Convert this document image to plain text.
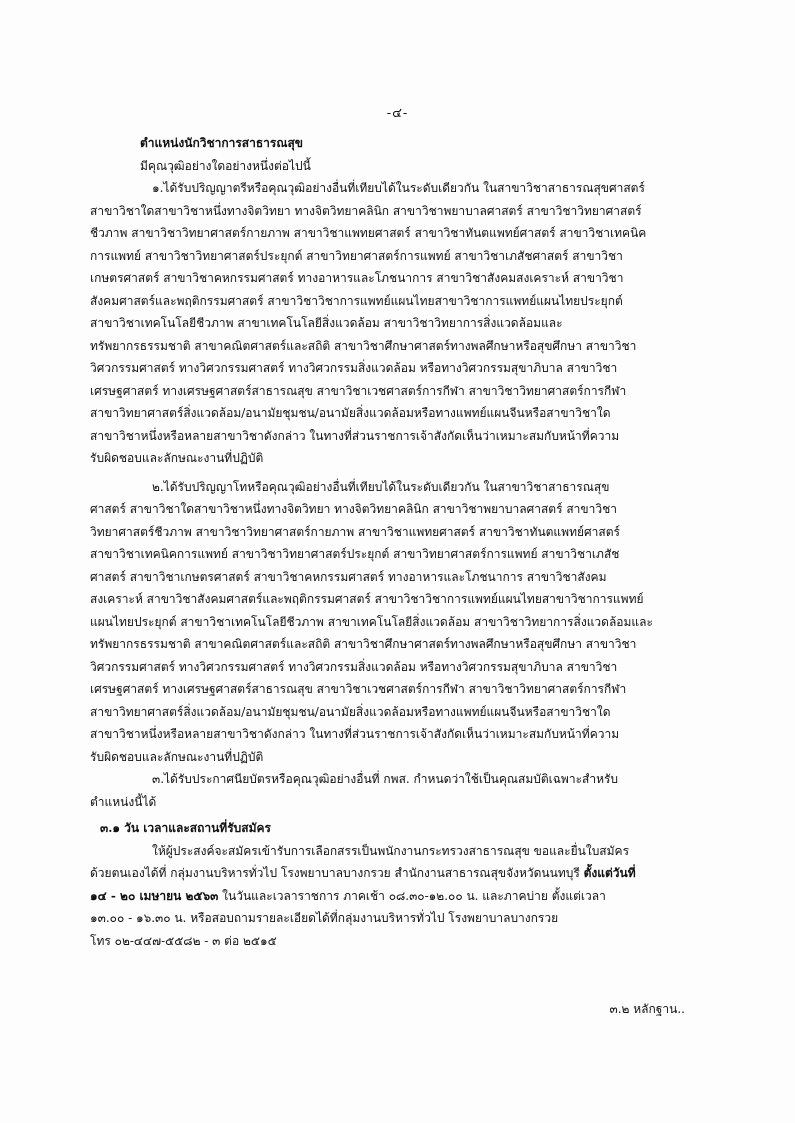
-๔-
ตำแหน่งนักวิชาการสาธารณสุข
มีคุณวุฒิอย่างใดอย่างหนึ่งต่อไปนี้
๑.ได้รับปริญญาตรีหรือคุณวุฒิอย่างอื่นที่เทียบได้ในระดับเดียวกัน ในสาขาวิชาสาธารณสุขศาสตร์
สาขาวิชาใดสาขาวิชาหนึ่งทางจิตวิทยา ทางจิตวิทยาคลินิก สาขาวิชาพยาบาลศาสตร์ สาขาวิชาวิทยาศาสตร์
ชีวภาพ สาขาวิชาวิทยาศาสตร์กายภาพ สาขาวิชาแพทยศาสตร์ สาขาวิชาทันตแพทย์ศาสตร์ สาขาวิชาเทคนิค
การแพทย์ สาขาวิชาวิทยาศาสตร์ประยุกต์ สาขาวิทยาศาสตร์การแพทย์ สาขาวิชาเภสัชศาสตร์ สาขาวิชา
เกษตรศาสตร์ สาขาวิชาคหกรรมศาสตร์ ทางอาหารและโภชนาการ สาขาวิชาสังคมสงเคราะห์ สาขาวิชา
สังคมศาสตร์และพฤติกรรมศาสตร์ สาขาวิชาวิชาการแพทย์แผนไทยสาขาวิชาการแพทย์แผนไทยประยุกต์
สาขาวิชาเทคโนโลยีชีวภาพ สาขาเทคโนโลยีสิ่งแวดล้อม สาขาวิชาวิทยาการสิ่งแวดล้อมและ
ทรัพยากรธรรมชาติ สาขาคณิตศาสตร์และสถิติ สาขาวิชาศึกษาศาสตร์ทางพลศึกษาหรือสุขศึกษา สาขาวิชา
วิศวกรรมศาสตร์ ทางวิศวกรรมศาสตร์ ทางวิศวกรรมสิ่งแวดล้อม หรือทางวิศวกรรมสุขาภิบาล สาขาวิชา
เศรษฐศาสตร์ ทางเศรษฐศาสตร์สาธารณสุข สาขาวิชาเวชศาสตร์การกีฬา สาขาวิชาวิทยาศาสตร์การกีฬา
สาขาวิทยาศาสตร์สิ่งแวดล้อม/อนามัยชุมชน/อนามัยสิ่งแวดล้อมหรือทางแพทย์แผนจีนหรือสาขาวิชาใด
สาขาวิชาหนึ่งหรือหลายสาขาวิชาดังกล่าว ในทางที่ส่วนราชการเจ้าสังกัดเห็นว่าเหมาะสมกับหน้าที่ความ
รับผิดชอบและลักษณะงานที่ปฏิบัติ
๒.ได้รับปริญญาโทหรือคุณวุฒิอย่างอื่นที่เทียบได้ในระดับเดียวกัน ในสาขาวิชาสาธารณสุข
ศาสตร์ สาขาวิชาใดสาขาวิชาหนึ่งทางจิตวิทยา ทางจิตวิทยาคลินิก สาขาวิชาพยาบาลศาสตร์ สาขาวิชา
วิทยาศาสตร์ชีวภาพ สาขาวิชาวิทยาศาสตร์กายภาพ สาขาวิชาแพทยศาสตร์ สาขาวิชาทันตแพทย์ศาสตร์
สาขาวิชาเทคนิคการแพทย์ สาขาวิชาวิทยาศาสตร์ประยุกต์ สาขาวิทยาศาสตร์การแพทย์ สาขาวิชาเภสัช
ศาสตร์ สาขาวิชาเกษตรศาสตร์ สาขาวิชาคหกรรมศาสตร์ ทางอาหารและโภชนาการ สาขาวิชาสังคม
สงเคราะห์ สาขาวิชาสังคมศาสตร์และพฤติกรรมศาสตร์ สาขาวิชาวิชาการแพทย์แผนไทยสาขาวิชาการแพทย์
แผนไทยประยุกต์ สาขาวิชาเทคโนโลยีชีวภาพ สาขาเทคโนโลยีสิ่งแวดล้อม สาขาวิชาวิทยาการสิ่งแวดล้อมและ
ทรัพยากรธรรมชาติ สาขาคณิตศาสตร์และสถิติ สาขาวิชาศึกษาศาสตร์ทางพลศึกษาหรือสุขศึกษา สาขาวิชา
วิศวกรรมศาสตร์ ทางวิศวกรรมศาสตร์ ทางวิศวกรรมสิ่งแวดล้อม หรือทางวิศวกรรมสุขาภิบาล สาขาวิชา
เศรษฐศาสตร์ ทางเศรษฐศาสตร์สาธารณสุข สาขาวิชาเวชศาสตร์การกีฬา สาขาวิชาวิทยาศาสตร์การกีฬา
สาขาวิทยาศาสตร์สิ่งแวดล้อม/อนามัยชุมชน/อนามัยสิ่งแวดล้อมหรือทางแพทย์แผนจีนหรือสาขาวิชาใด
สาขาวิชาหนึ่งหรือหลายสาขาวิชาดังกล่าว ในทางที่ส่วนราชการเจ้าสังกัดเห็นว่าเหมาะสมกับหน้าที่ความ
รับผิดชอบและลักษณะงานที่ปฏิบัติ
๓.ได้รับประกาศนียบัตรหรือคุณวุฒิอย่างอื่นที่ กพส. กำหนดว่าใช้เป็นคุณสมบัติเฉพาะสำหรับ
ตำแหน่งนี้ได้
๓.๑ วัน เวลาและสถานที่รับสมัคร
ให้ผู้ประสงค์จะสมัครเข้ารับการเลือกสรรเป็นพนักงานกระทรวงสาธารณสุข ขอและยื่นใบสมัคร
ด้วยตนเองได้ที่ กลุ่มงานบริหารทั่วไป โรงพยาบาลบางกรวย สำนักงานสาธารณสุขจังหวัดนนทบุรี ตั้งแต่วันที่
๑๔ - ๒๐ เมษายน ๒๕๖๓ ในวันและเวลาราชการ ภาคเช้า ๐๘.๓๐-๑๒.๐๐ น. และภาคบ่าย ตั้งแต่เวลา
๑๓.๐๐ - ๑๖.๓๐ น. หรือสอบถามรายละเอียดได้ที่กลุ่มงานบริหารทั่วไป โรงพยาบาลบางกรวย
โทร ๐๒-๔๔๗-๕๕๘๒ - ๓ ต่อ ๒๕๑๕
๓.๒ หลักฐาน..
